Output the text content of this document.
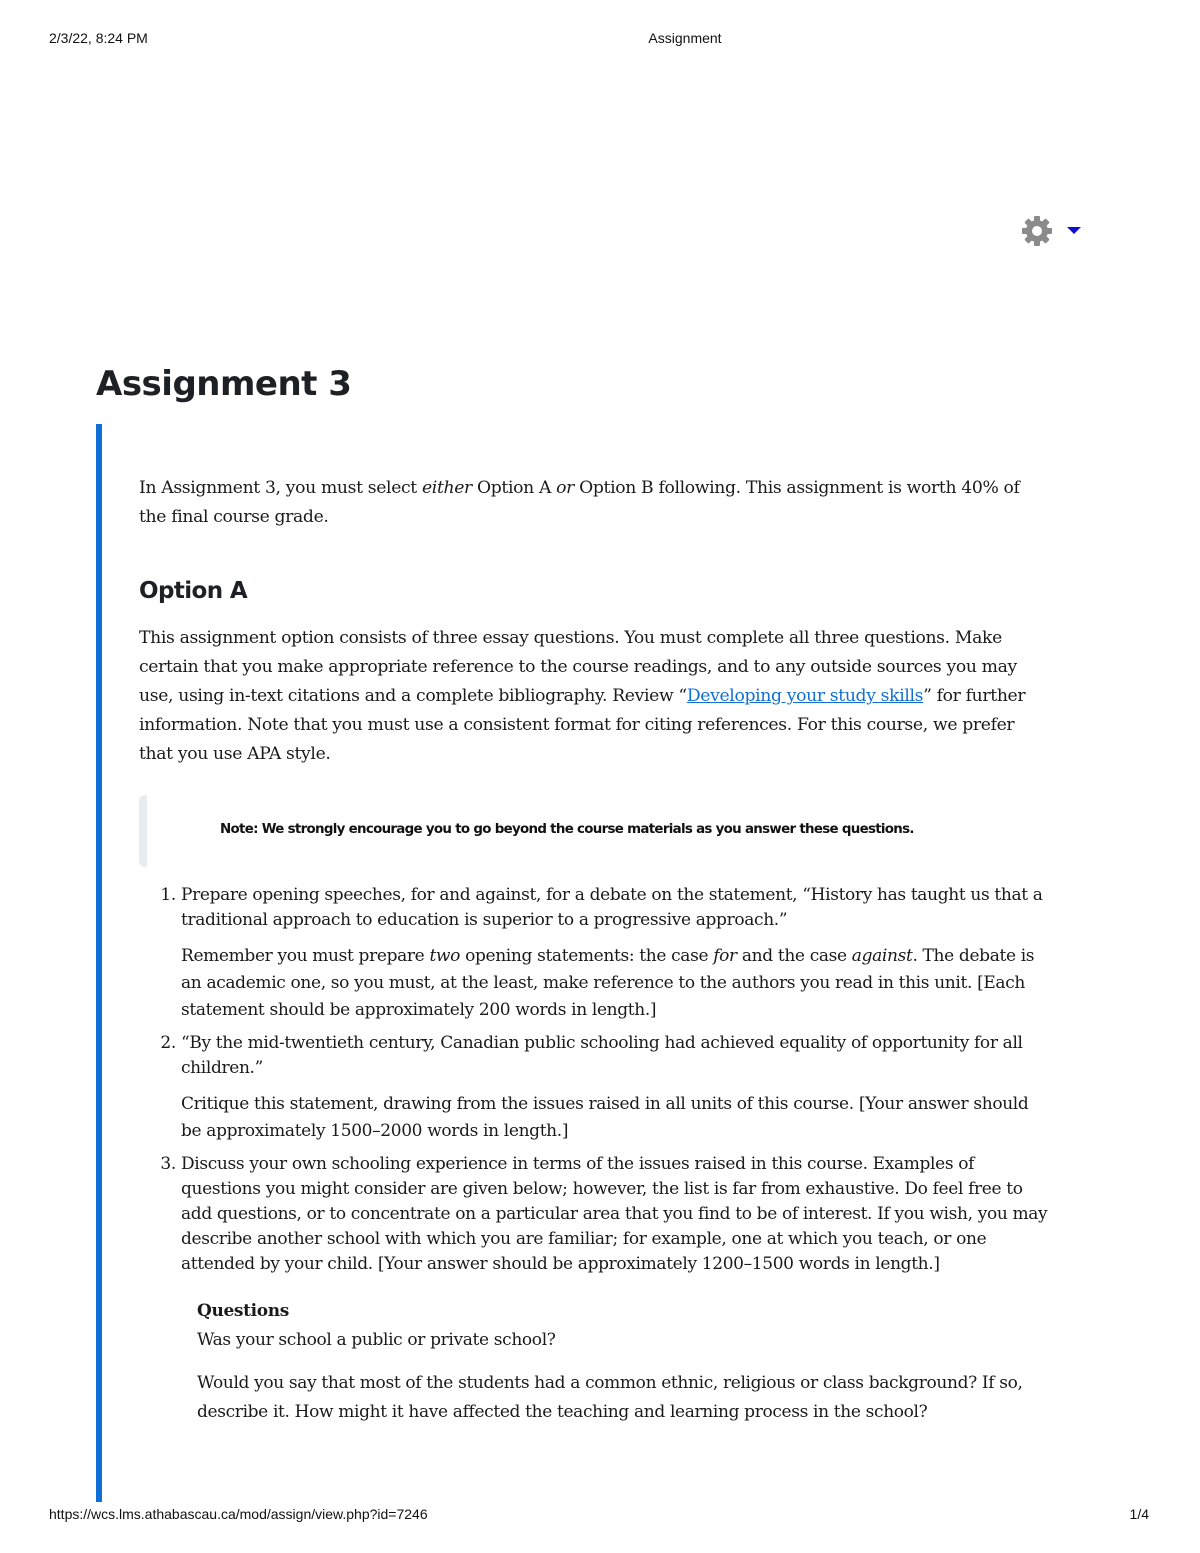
2/3/22, 8:24 PM	Assignment
Assignment 3

In Assignment 3, you must select either Option A or Option B following. This assignment is worth 40% of the final course grade.

Option A

This assignment option consists of three essay questions. You must complete all three questions. Make certain that you make appropriate reference to the course readings, and to any outside sources you may use, using in-text citations and a complete bibliography. Review “Developing your study skills” for further information. Note that you must use a consistent format for citing references. For this course, we prefer that you use APA style.

Note: We strongly encourage you to go beyond the course materials as you answer these questions.

1. Prepare opening speeches, for and against, for a debate on the statement, “History has taught us that a traditional approach to education is superior to a progressive approach.”

Remember you must prepare two opening statements: the case for and the case against. The debate is an academic one, so you must, at the least, make reference to the authors you read in this unit. [Each statement should be approximately 200 words in length.]

2. “By the mid-twentieth century, Canadian public schooling had achieved equality of opportunity for all children.”

Critique this statement, drawing from the issues raised in all units of this course. [Your answer should be approximately 1500–2000 words in length.]

3. Discuss your own schooling experience in terms of the issues raised in this course. Examples of questions you might consider are given below; however, the list is far from exhaustive. Do feel free to add questions, or to concentrate on a particular area that you find to be of interest. If you wish, you may describe another school with which you are familiar; for example, one at which you teach, or one attended by your child. [Your answer should be approximately 1200–1500 words in length.]

Questions

Was your school a public or private school?

Would you say that most of the students had a common ethnic, religious or class background? If so, describe it. How might it have affected the teaching and learning process in the school?

https://wcs.lms.athabascau.ca/mod/assign/view.php?id=7246	1/4
